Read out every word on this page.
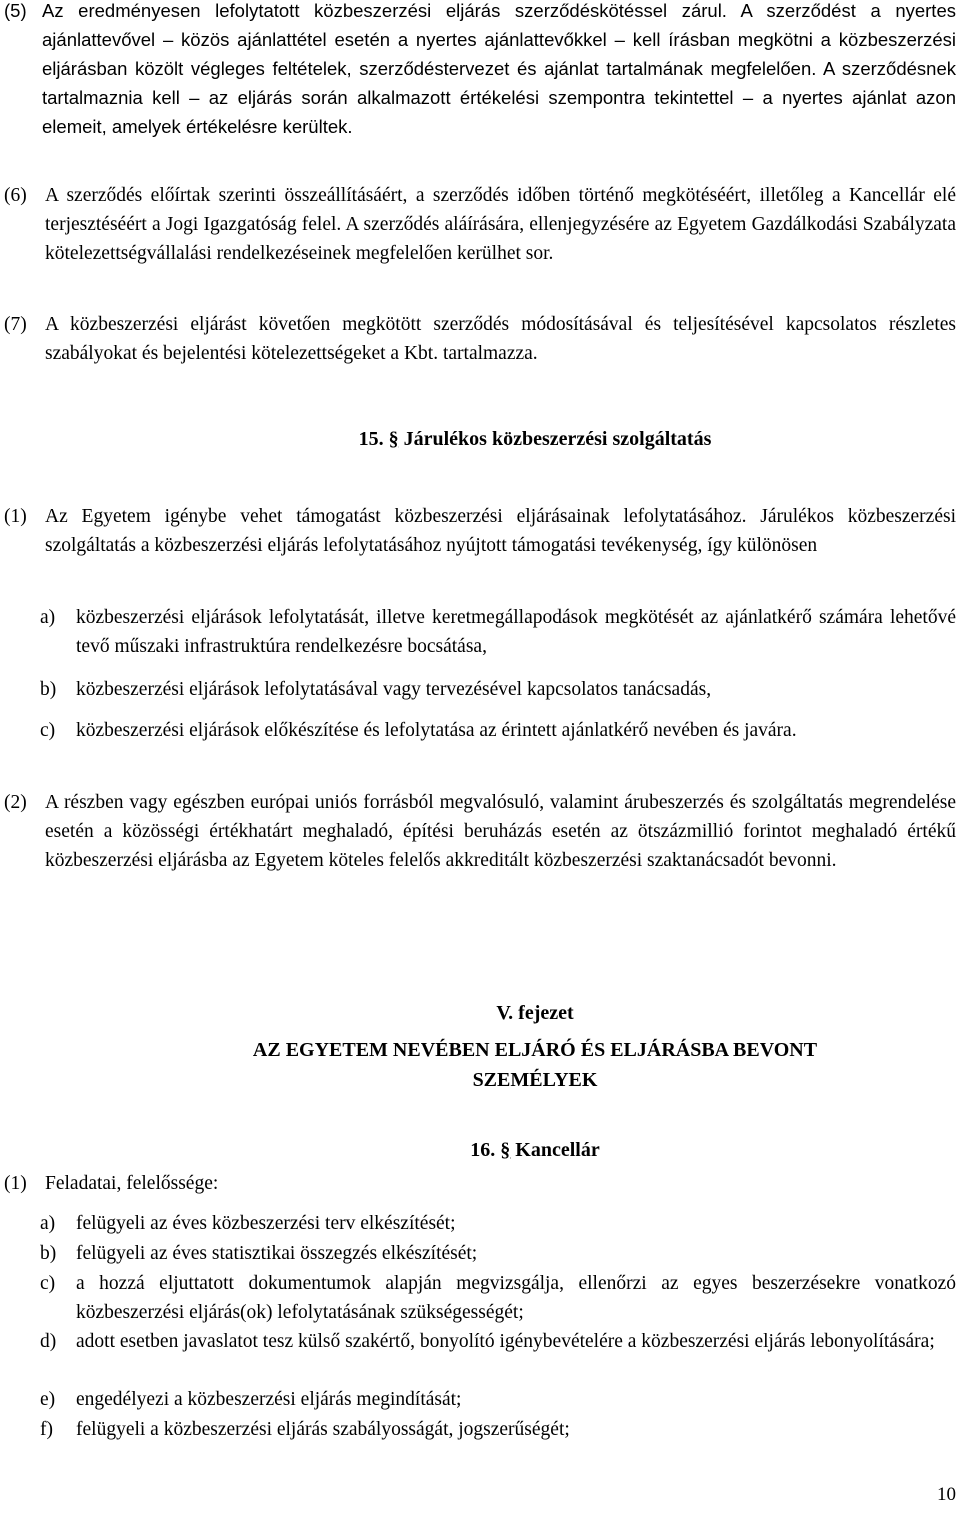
(5) Az eredményesen lefolytatott közbeszerzési eljárás szerződéskötéssel zárul. A szerződést a nyertes ajánlattevővel – közös ajánlattétel esetén a nyertes ajánlattevőkkel – kell írásban megkötni a közbeszerzési eljárásban közölt végleges feltételek, szerződéstervezet és ajánlat tartalmának megfelelően. A szerződésnek tartalmaznia kell – az eljárás során alkalmazott értékelési szempontra tekintettel – a nyertes ajánlat azon elemeit, amelyek értékelésre kerültek.
(6) A szerződés előírtak szerinti összeállításáért, a szerződés időben történő megkötéséért, illetőleg a Kancellár elé terjesztéséért a Jogi Igazgatóság felel. A szerződés aláírására, ellenjegyzésére az Egyetem Gazdálkodási Szabályzata kötelezettségvállalási rendelkezéseinek megfelelően kerülhet sor.
(7) A közbeszerzési eljárást követően megkötött szerződés módosításával és teljesítésével kapcsolatos részletes szabályokat és bejelentési kötelezettségeket a Kbt. tartalmazza.
15. § Járulékos közbeszerzési szolgáltatás
(1) Az Egyetem igénybe vehet támogatást közbeszerzési eljárásainak lefolytatásához. Járulékos közbeszerzési szolgáltatás a közbeszerzési eljárás lefolytatásához nyújtott támogatási tevékenység, így különösen
a)	közbeszerzési eljárások lefolytatását, illetve keretmegállapodások megkötését az ajánlatkérő számára lehetővé tevő műszaki infrastruktúra rendelkezésre bocsátása,
b)	közbeszerzési eljárások lefolytatásával vagy tervezésével kapcsolatos tanácsadás,
c)	közbeszerzési eljárások előkészítése és lefolytatása az érintett ajánlatkérő nevében és javára.
(2) A részben vagy egészben európai uniós forrásból megvalósuló, valamint árubeszerzés és szolgáltatás megrendelése esetén a közösségi értékhatárt meghaladó, építési beruházás esetén az ötszázmillió forintot meghaladó értékű közbeszerzési eljárásba az Egyetem köteles felelős akkreditált közbeszerzési szaktanácsadót bevonni.
V. fejezet
AZ EGYETEM NEVÉBEN ELJÁRÓ ÉS ELJÁRÁSBA BEVONT
SZEMÉLYEK
16. § Kancellár
(1) Feladatai, felelőssége:
a)	felügyeli az éves közbeszerzési terv elkészítését;
b)	felügyeli az éves statisztikai összegzés elkészítését;
c)	a hozzá eljuttatott dokumentumok alapján megvizsgálja, ellenőrzi az egyes beszerzésekre vonatkozó közbeszerzési eljárás(ok) lefolytatásának szükségességét;
d)	adott esetben javaslatot tesz külső szakértő, bonyolító igénybevételére a közbeszerzési eljárás lebonyolítására;
e)	engedélyezi a közbeszerzési eljárás megindítását;
f)	felügyeli a közbeszerzési eljárás szabályosságát, jogszerűségét;
10
